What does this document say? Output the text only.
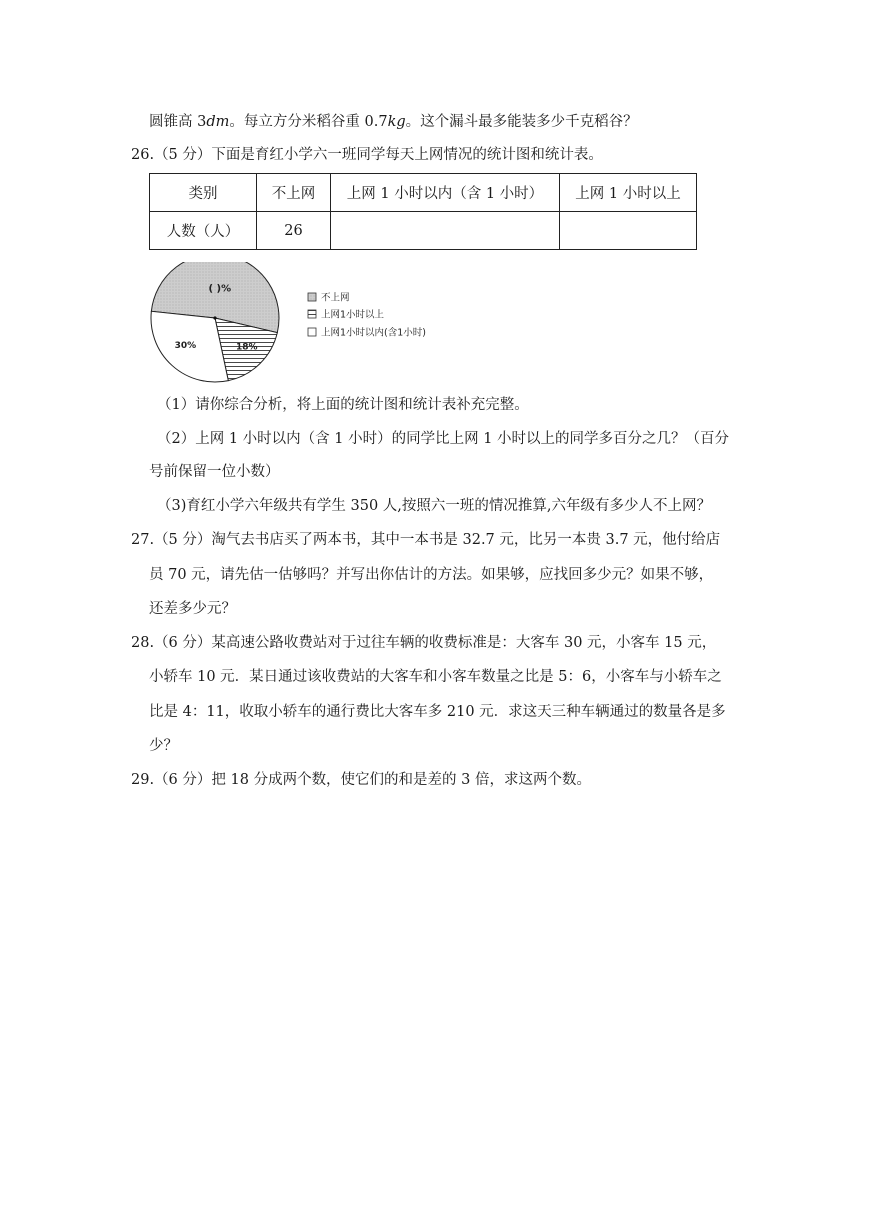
圆锥高 3dm。每立方分米稻谷重 0.7kg。这个漏斗最多能装多少千克稻谷？
26.（5 分）下面是育红小学六一班同学每天上网情况的统计图和统计表。
类别	不上网	上网 1 小时以内（含 1 小时）	上网 1 小时以上
人数（人）	26		
( )%
18%
30%
不上网
上网1小时以上
上网1小时以内(含1小时)
（1）请你综合分析，将上面的统计图和统计表补充完整。
（2）上网 1 小时以内（含 1 小时）的同学比上网 1 小时以上的同学多百分之几？（百分
号前保留一位小数）
（3)育红小学六年级共有学生 350 人,按照六一班的情况推算,六年级有多少人不上网？
27.（5 分）淘气去书店买了两本书，其中一本书是 32.7 元，比另一本贵 3.7 元，他付给店
员 70 元，请先估一估够吗？并写出你估计的方法。如果够，应找回多少元？如果不够，
还差多少元？
28.（6 分）某高速公路收费站对于过往车辆的收费标准是：大客车 30 元，小客车 15 元，
小轿车 10 元．某日通过该收费站的大客车和小客车数量之比是 5：6，小客车与小轿车之
比是 4：11，收取小轿车的通行费比大客车多 210 元．求这天三种车辆通过的数量各是多
少？
29.（6 分）把 18 分成两个数，使它们的和是差的 3 倍，求这两个数。
